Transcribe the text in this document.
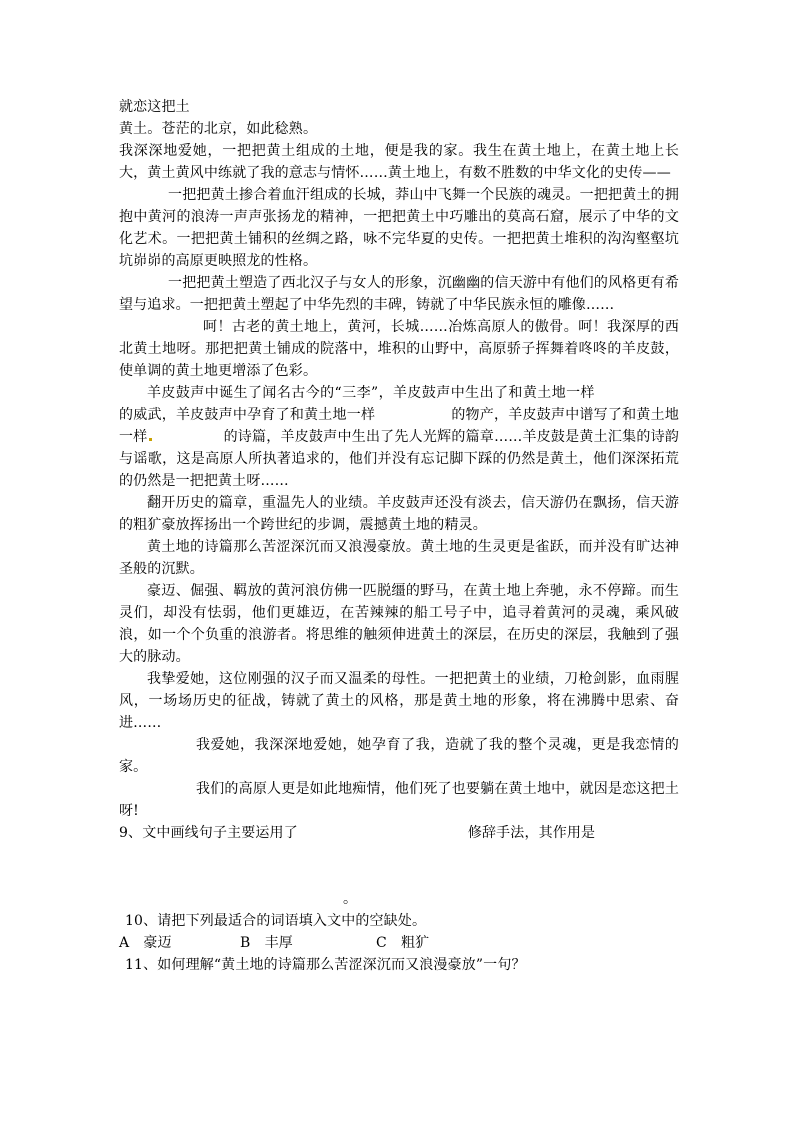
就恋这把土

黄土。苍茫的北京，如此稔熟。

我深深地爱她，一把把黄土组成的土地，便是我的家。我生在黄土地上，在黄土地上长大，黄土黄风中练就了我的意志与情怀……黄土地上，有数不胜数的中华文化的史传——

一把把黄土掺合着血汗组成的长城，莽山中飞舞一个民族的魂灵。一把把黄土的拥抱中黄河的浪涛一声声张扬龙的精神，一把把黄土中巧雕出的莫高石窟，展示了中华的文化艺术。一把把黄土铺积的丝绸之路，咏不完华夏的史传。一把把黄土堆积的沟沟壑壑坑坑峁峁的高原更映照龙的性格。

一把把黄土塑造了西北汉子与女人的形象，沉幽幽的信天游中有他们的风格更有希望与追求。一把把黄土塑起了中华先烈的丰碑，铸就了中华民族永恒的雕像……

呵！古老的黄土地上，黄河，长城……冶炼高原人的傲骨。呵！我深厚的西北黄土地呀。那把把黄土铺成的院落中，堆积的山野中，高原骄子挥舞着咚咚的羊皮鼓，使单调的黄土地更增添了色彩。

羊皮鼓声中诞生了闻名古今的“三李”，羊皮鼓声中生出了和黄土地一样的威武，羊皮鼓声中孕育了和黄土地一样	的物产，羊皮鼓声中谱写了和黄土地一样	的诗篇，羊皮鼓声中生出了先人光辉的篇章……羊皮鼓是黄土汇集的诗韵与谣歌，这是高原人所执著追求的，他们并没有忘记脚下踩的仍然是黄土，他们深深拓荒的仍然是一把把黄土呀……

翻开历史的篇章，重温先人的业绩。羊皮鼓声还没有淡去，信天游仍在飘扬，信天游的粗犷豪放挥扬出一个跨世纪的步调，震撼黄土地的精灵。

黄土地的诗篇那么苦涩深沉而又浪漫豪放。黄土地的生灵更是雀跃，而并没有旷达神圣般的沉默。

豪迈、倔强、羁放的黄河浪仿佛一匹脱缰的野马，在黄土地上奔驰，永不停蹄。而生灵们，却没有怯弱，他们更雄迈，在苦辣辣的船工号子中，追寻着黄河的灵魂，乘风破浪，如一个个负重的浪游者。将思维的触须伸进黄土的深层，在历史的深层，我触到了强大的脉动。

我挚爱她，这位刚强的汉子而又温柔的母性。一把把黄土的业绩，刀枪剑影，血雨腥风，一场场历史的征战，铸就了黄土的风格，那是黄土地的形象，将在沸腾中思索、奋进……

我爱她，我深深地爱她，她孕育了我，造就了我的整个灵魂，更是我恋情的家。

我们的高原人更是如此地痴情，他们死了也要躺在黄土地中，就因是恋这把土呀!

9、文中画线句子主要运用了	修辞手法，其作用是

。

10、请把下列最适合的词语填入文中的空缺处。

A　豪迈	B　丰厚	C　粗犷

11、如何理解“黄土地的诗篇那么苦涩深沉而又浪漫豪放”一句？
